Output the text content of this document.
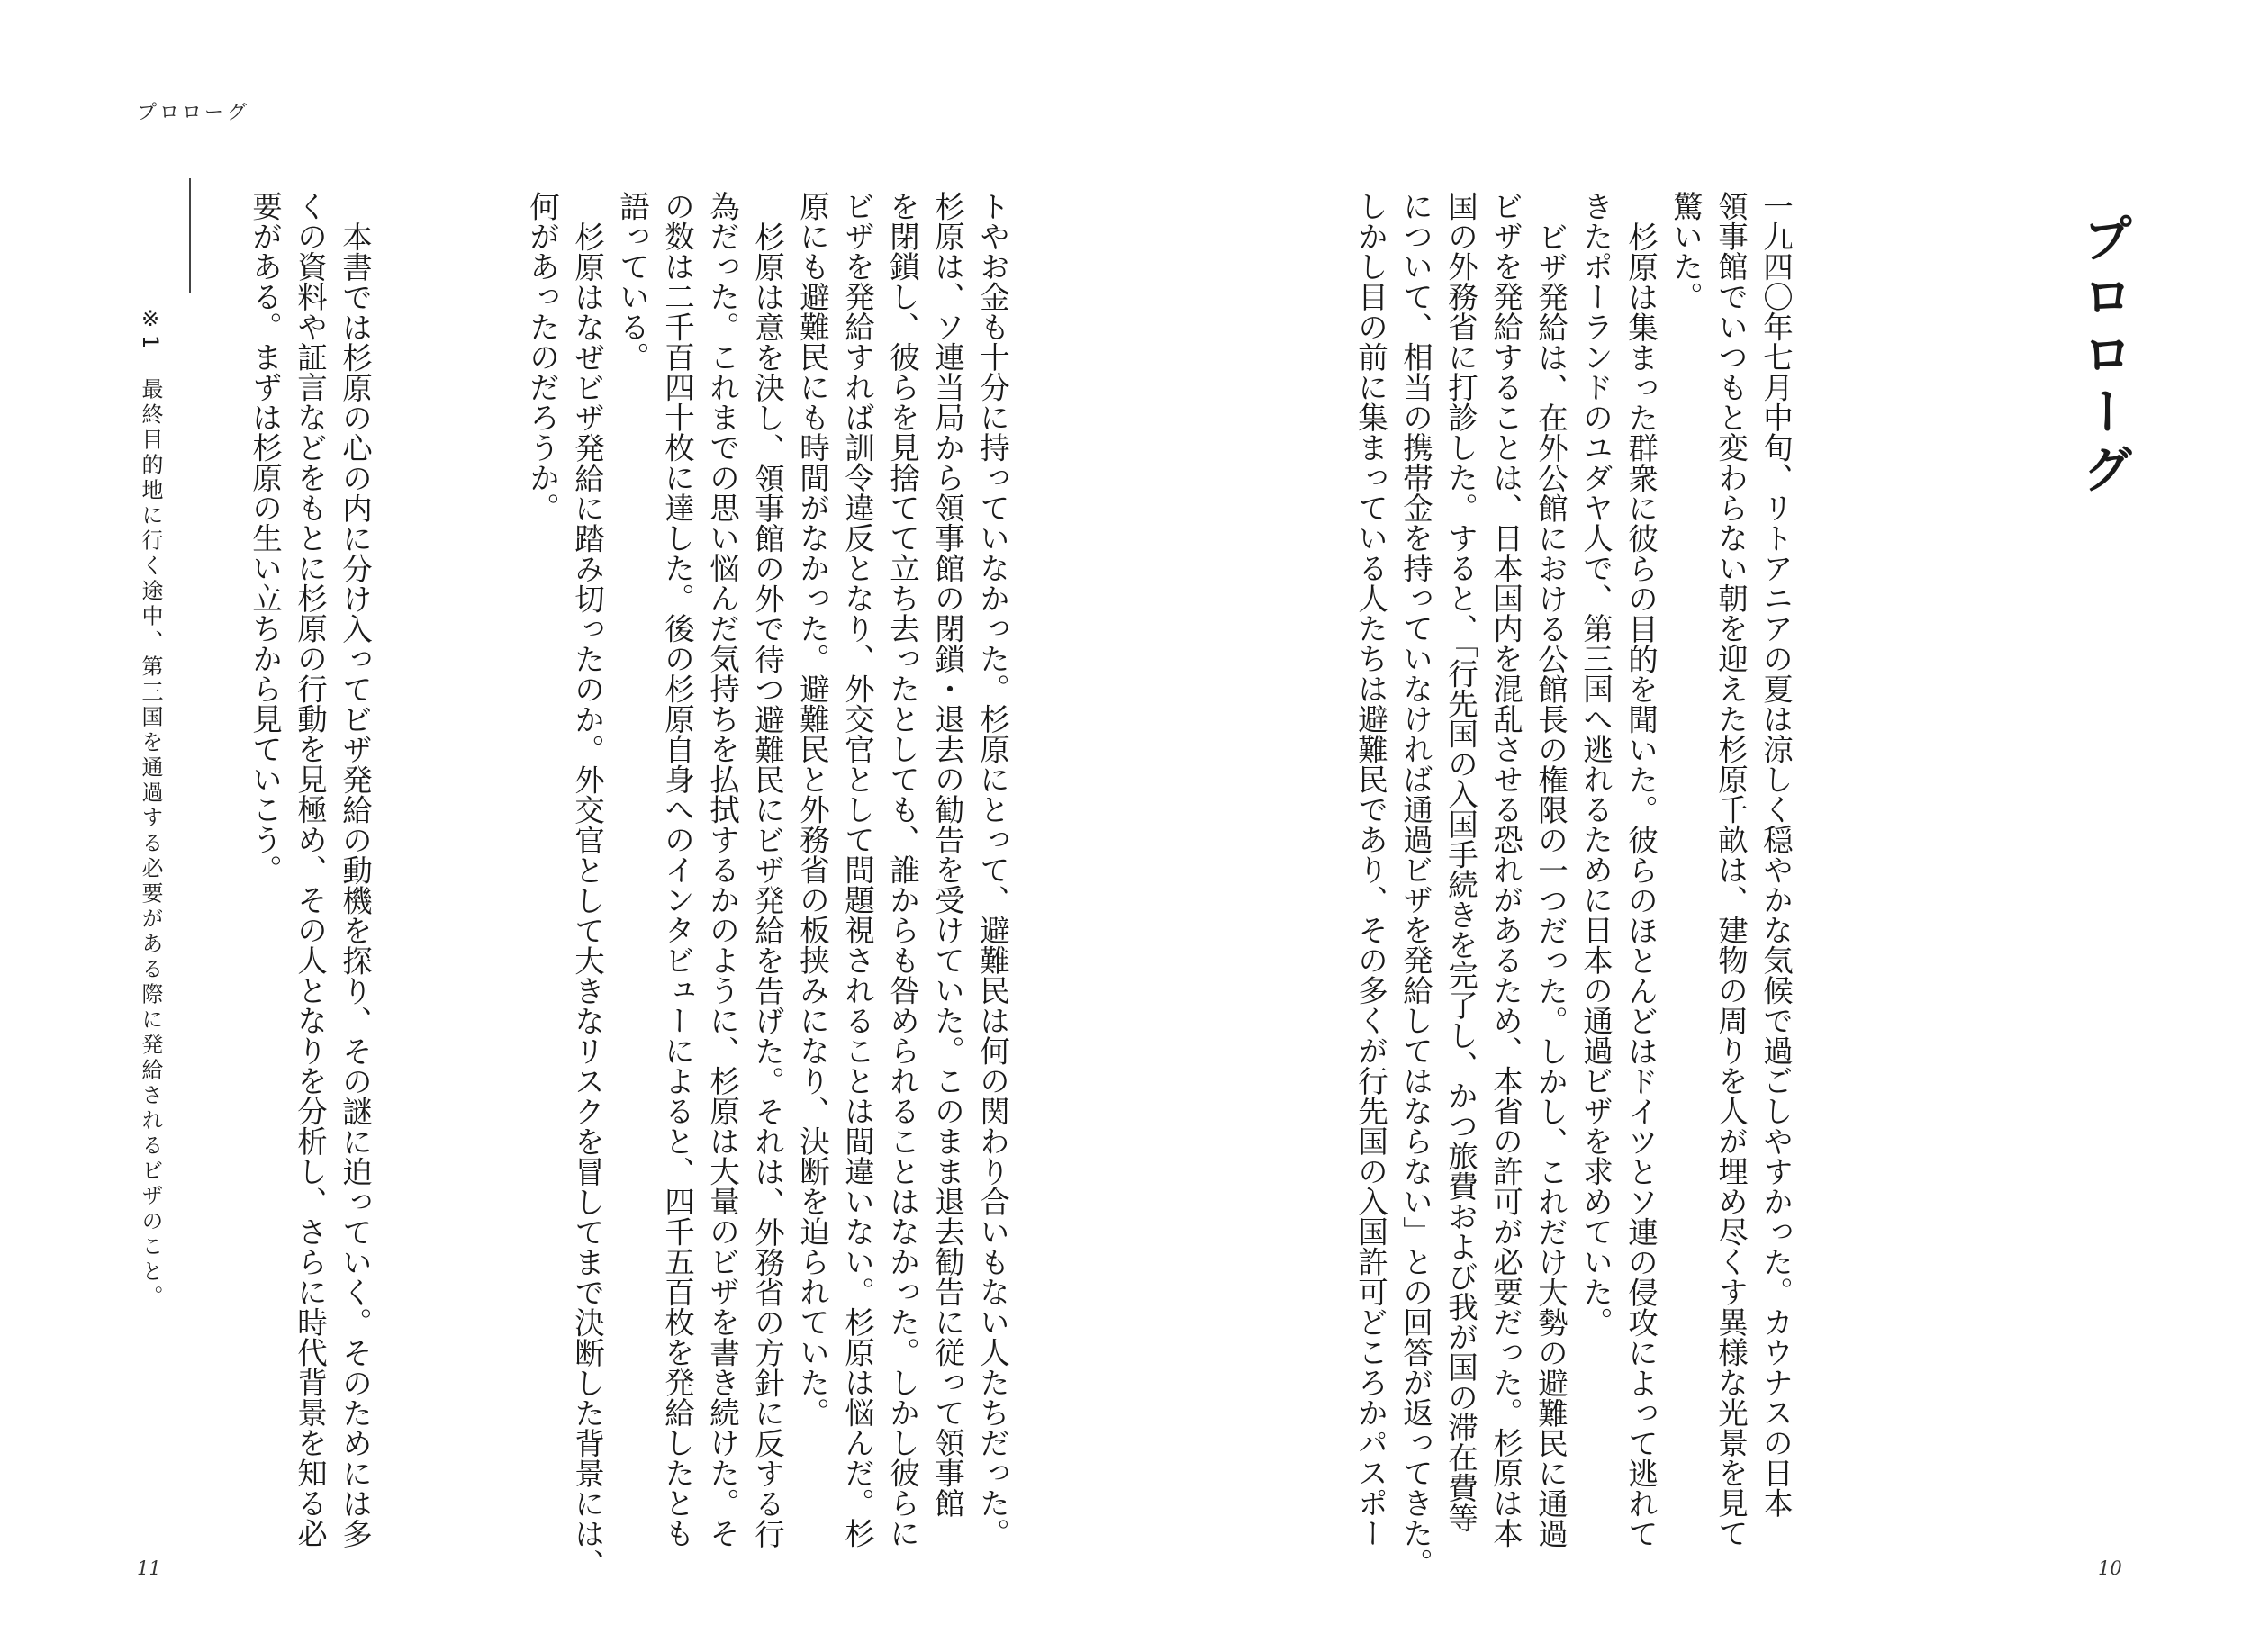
プロローグ
トやお金も十分に持っていなかった。杉原にとって、避難民は何の関わり合いもない人たちだった。
杉原は、ソ連当局から領事館の閉鎖・退去の勧告を受けていた。このまま退去勧告に従って領事館
を閉鎖し、彼らを見捨てて立ち去ったとしても、誰からも咎められることはなかった。しかし彼らに
ビザを発給すれば訓令違反となり、外交官として問題視されることは間違いない。杉原は悩んだ。杉
原にも避難民にも時間がなかった。避難民と外務省の板挟みになり、決断を迫られていた。
杉原は意を決し、領事館の外で待つ避難民にビザ発給を告げた。それは、外務省の方針に反する行
為だった。これまでの思い悩んだ気持ちを払拭するかのように、杉原は大量のビザを書き続けた。そ
の数は二千百四十枚に達した。後の杉原自身へのインタビューによると、四千五百枚を発給したとも
語っている。
杉原はなぜビザ発給に踏み切ったのか。外交官として大きなリスクを冒してまで決断した背景には、
何があったのだろうか。
本書では杉原の心の内に分け入ってビザ発給の動機を探り、その謎に迫っていく。そのためには多
くの資料や証言などをもとに杉原の行動を見極め、その人となりを分析し、さらに時代背景を知る必
要がある。まずは杉原の生い立ちから見ていこう。
※1　最終目的地に行く途中、第三国を通過する必要がある際に発給されるビザのこと。
11
プロローグ
一九四〇年七月中旬、リトアニアの夏は涼しく穏やかな気候で過ごしやすかった。カウナスの日本
領事館でいつもと変わらない朝を迎えた杉原千畝は、建物の周りを人が埋め尽くす異様な光景を見て
驚いた。
杉原は集まった群衆に彼らの目的を聞いた。彼らのほとんどはドイツとソ連の侵攻によって逃れて
きたポーランドのユダヤ人で、第三国へ逃れるために日本の通過ビザを求めていた。
ビザ発給は、在外公館における公館長の権限の一つだった。しかし、これだけ大勢の避難民に通過
ビザを発給することは、日本国内を混乱させる恐れがあるため、本省の許可が必要だった。杉原は本
国の外務省に打診した。すると、「行先国の入国手続きを完了し、かつ旅費および我が国の滞在費等
について、相当の携帯金を持っていなければ通過ビザを発給してはならない」との回答が返ってきた。
しかし目の前に集まっている人たちは避難民であり、その多くが行先国の入国許可どころかパスポー
10
